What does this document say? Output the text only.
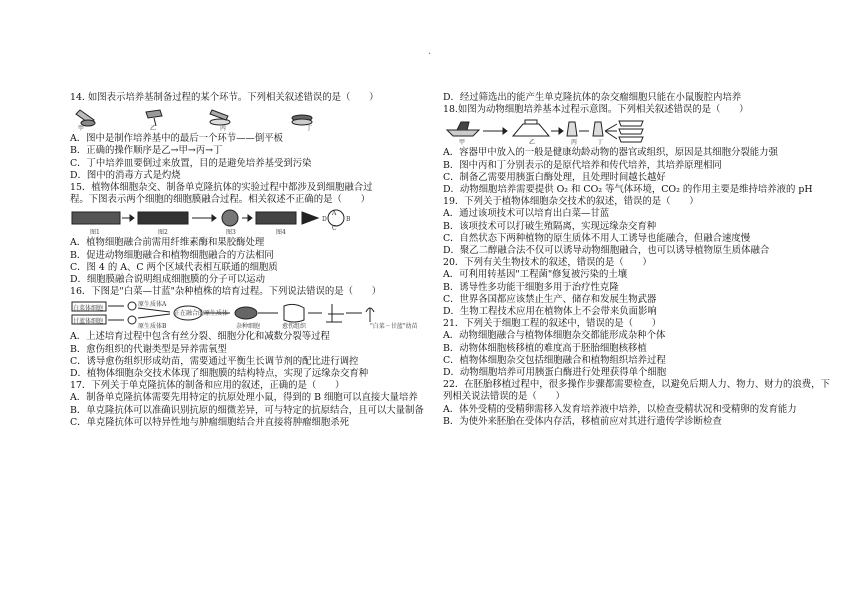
.

14. 如图表示培养基制备过程的某个环节。下列相关叙述错误的是（　　）

甲	乙	丙	丁

A．图中是制作培养基中的最后一个环节——倒平板

B．正确的操作顺序是乙→甲→丙→丁

C．丁中培养皿要倒过来放置，目的是避免培养基受到污染

D．图中的消毒方式是灼烧

15．植物体细胞杂交、制备单克隆抗体的实验过程中都涉及到细胞融合过

程。下图表示两个细胞的细胞膜融合过程。相关叙述不正确的是（　　）

图1	图2	图3	图4
A
B
C
D

A．植物细胞融合前需用纤维素酶和果胶酶处理

B．促进动物细胞融合和植物细胞融合的方法相同

C．图 4 的 A、C 两个区域代表相互联通的细胞质

D．细胞膜融合说明组成细胞膜的分子可以运动

16．下图是"白菜—甘蓝"杂种植株的培育过程。下列说法错误的是（　　）

白菜体细胞
甘蓝体细胞
原生质体A
原生质体B
正在融合的原生质体
杂种细胞	愈伤组织	"白菜－甘蓝"幼苗

A．上述培育过程中包含有丝分裂、细胞分化和减数分裂等过程

B．愈伤组织的代谢类型是异养需氧型

C．诱导愈伤组织形成幼苗，需要通过平衡生长调节剂的配比进行调控

D．植物体细胞杂交技术体现了细胞膜的结构特点，实现了远缘杂交育种

17．下列关于单克隆抗体的制备和应用的叙述，正确的是（　　）

A．制备单克隆抗体需要先用特定的抗原处理小鼠，得到的 B 细胞可以直接大量培养

B．单克隆抗体可以准确识别抗原的细微差异，可与特定的抗原结合，且可以大量制备

C．单克隆抗体可以特异性地与肿瘤细胞结合并直接将肿瘤细胞杀死

D．经过筛选出的能产生单克隆抗体的杂交瘤细胞只能在小鼠腹腔内培养

18.如图为动物细胞培养基本过程示意图。下列相关叙述错误的是（　　）

甲	乙	丙	丁

A．容器甲中放入的一般是健康幼龄动物的器官或组织，原因是其细胞分裂能力强

B．图中丙和丁分别表示的是原代培养和传代培养，其培养原理相同

C．制备乙需要用胰蛋白酶处理，且处理时间越长越好

D．动物细胞培养需要提供 O₂ 和 CO₂ 等气体环境，CO₂ 的作用主要是维持培养液的 pH

19．下列关于植物体细胞杂交技术的叙述，错误的是（　　）

A．通过该项技术可以培育出白菜—甘蓝

B．该项技术可以打破生殖隔离，实现远缘杂交育种

C．自然状态下两种植物的原生质体不用人工诱导也能融合，但融合速度慢

D．聚乙二醇融合法不仅可以诱导动物细胞融合，也可以诱导植物原生质体融合

20．下列有关生物技术的叙述，错误的是（　　）

A．可利用转基因"工程菌"修复被污染的土壤

B．诱导性多功能干细胞多用于治疗性克隆

C．世界各国都应该禁止生产、储存和发展生物武器

D．生物工程技术应用在植物体上不会带来负面影响

21．下列关于细胞工程的叙述中，错误的是（　　）

A．动物细胞融合与植物体细胞杂交都能形成杂种个体

B．动物体细胞核移植的难度高于胚胎细胞核移植

C．植物体细胞杂交包括细胞融合和植物组织培养过程

D．动物细胞培养可用胰蛋白酶进行处理获得单个细胞

22．在胚胎移植过程中，很多操作步骤都需要检查，以避免后期人力、物力、财力的浪费，下列相关说法错误的是（　　）

A．体外受精的受精卵需移入发育培养液中培养，以检查受精状况和受精卵的发育能力

B．为使外来胚胎在受体内存活，移植前应对其进行遗传学诊断检查
